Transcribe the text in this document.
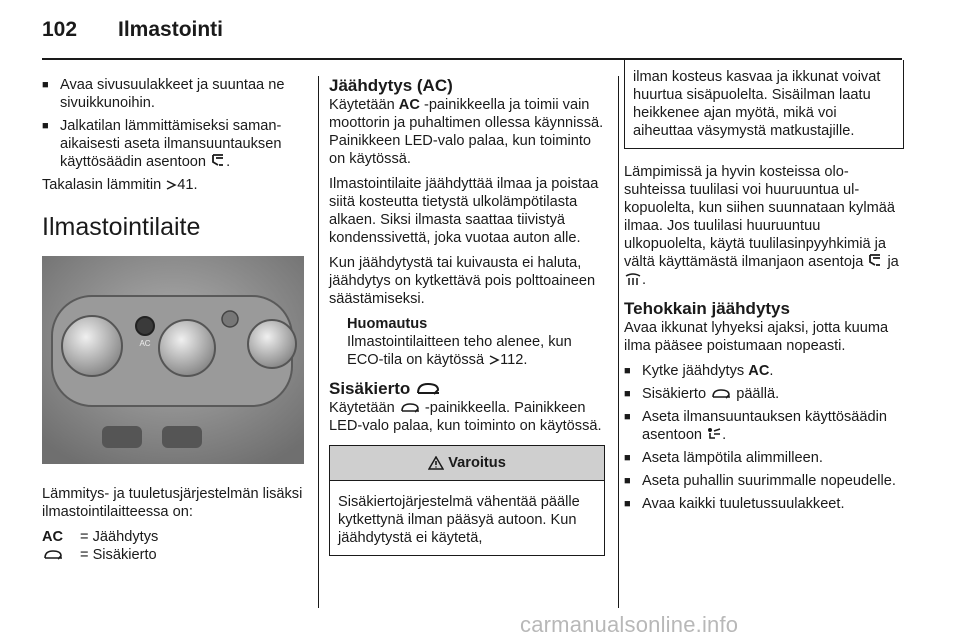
102 Ilmastointi
■ Avaa sivusuulakkeet ja suuntaa ne sivuikkunoihin.
■ Jalkatilan lämmittämiseksi samanaikaisesti aseta ilmansuuntauksen käyttösäädin asentoon .

Takalasin lämmitin 41.

Ilmastointilaite
AC

Lämmitys- ja tuuletusjärjestelmän lisäksi ilmastointilaitteessa on:

AC	= Jäähdytys
	= Sisäkierto
Jäähdytys (AC)

Käytetään AC -painikkeella ja toimii vain moottorin ja puhaltimen ollessa käynnissä. Painikkeen LED-valo palaa, kun toiminto on käytössä.

Ilmastointilaite jäähdyttää ilmaa ja poistaa siitä kosteutta tietystä ulkolämpötilasta alkaen. Siksi ilmasta saattaa tiivistyä kondenssivettä, joka vuotaa auton alle.

Kun jäähdytystä tai kuivausta ei haluta, jäähdytys on kytkettävä pois polttoaineen säästämiseksi.

Huomautus
Ilmastointilaitteen teho alenee, kun ECO-tila on käytössä 112.
Sisäkierto

Käytetään -painikkeella. Painikkeen LED-valo palaa, kun toiminto on käytössä.

Varoitus
Sisäkiertojärjestelmä vähentää päälle kytkettynä ilman pääsyä autoon. Kun jäähdytystä ei käytetä,
ilman kosteus kasvaa ja ikkunat voivat huurtua sisäpuolelta. Sisäilman laatu heikkenee ajan myötä, mikä voi aiheuttaa väsymystä matkustajille.

Lämpimissä ja hyvin kosteissa olosuhteissa tuulilasi voi huuruuntua ulkopuolelta, kun siihen suunnataan kylmää ilmaa. Jos tuulilasi huuruuntuu ulkopuolelta, käytä tuulilasinpyyhkimiä ja vältä käyttämästä ilmanjaon asentoja ja .

Tehokkain jäähdytys

Avaa ikkunat lyhyeksi ajaksi, jotta kuuma ilma pääsee poistumaan nopeasti.

■ Kytke jäähdytys AC.
■ Sisäkierto päällä.
■ Aseta ilmansuuntauksen käyttösäädin asentoon .
■ Aseta lämpötila alimmilleen.
■ Aseta puhallin suurimmalle nopeudelle.
■ Avaa kaikki tuuletussuulakkeet.
carmanualsonline.info
